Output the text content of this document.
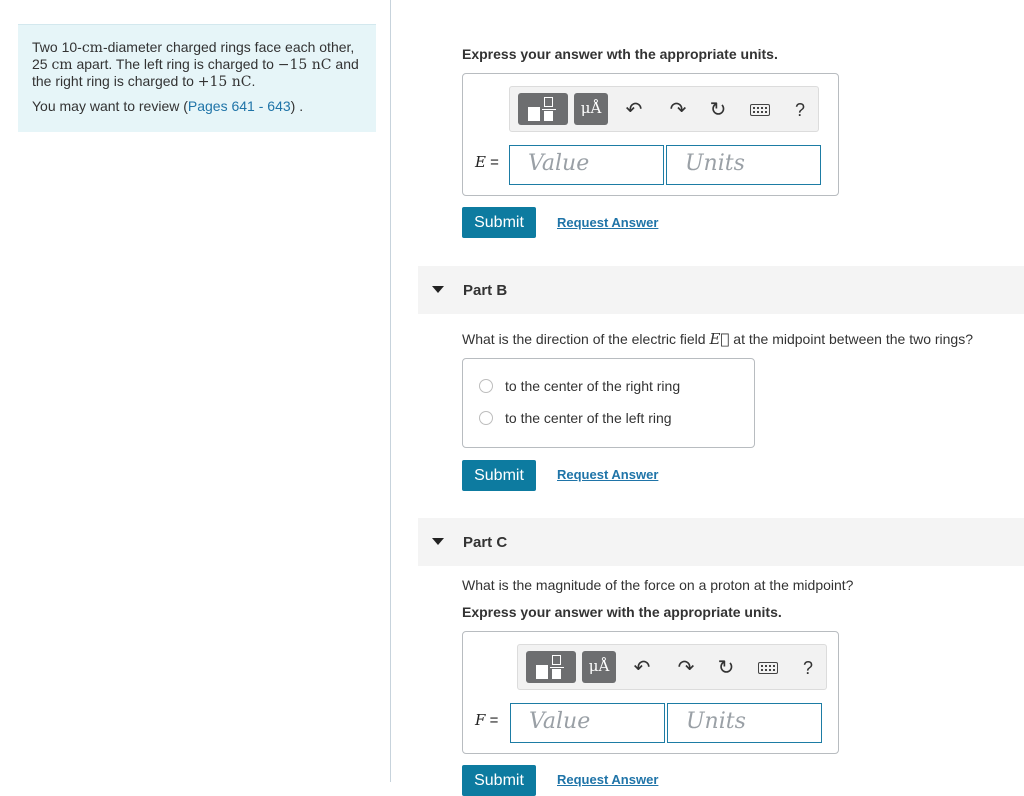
Two 10-cm-diameter charged rings face each other, 25 cm apart. The left ring is charged to −15 nC and the right ring is charged to +15 nC.

You may want to review (Pages 641 - 643) .

Express your answer wth the appropriate units.
μÅ	↶ ↷ ↻	?
E =	Value	Units
Submit	Request Answer
Part B
What is the direction of the electric field E⃗ at the midpoint between the two rings?
to the center of the right ring
to the center of the left ring
Submit	Request Answer
Part C
What is the magnitude of the force on a proton at the midpoint?
Express your answer with the appropriate units.
μÅ	↶ ↷ ↻	?
F =	Value	Units
Submit	Request Answer
